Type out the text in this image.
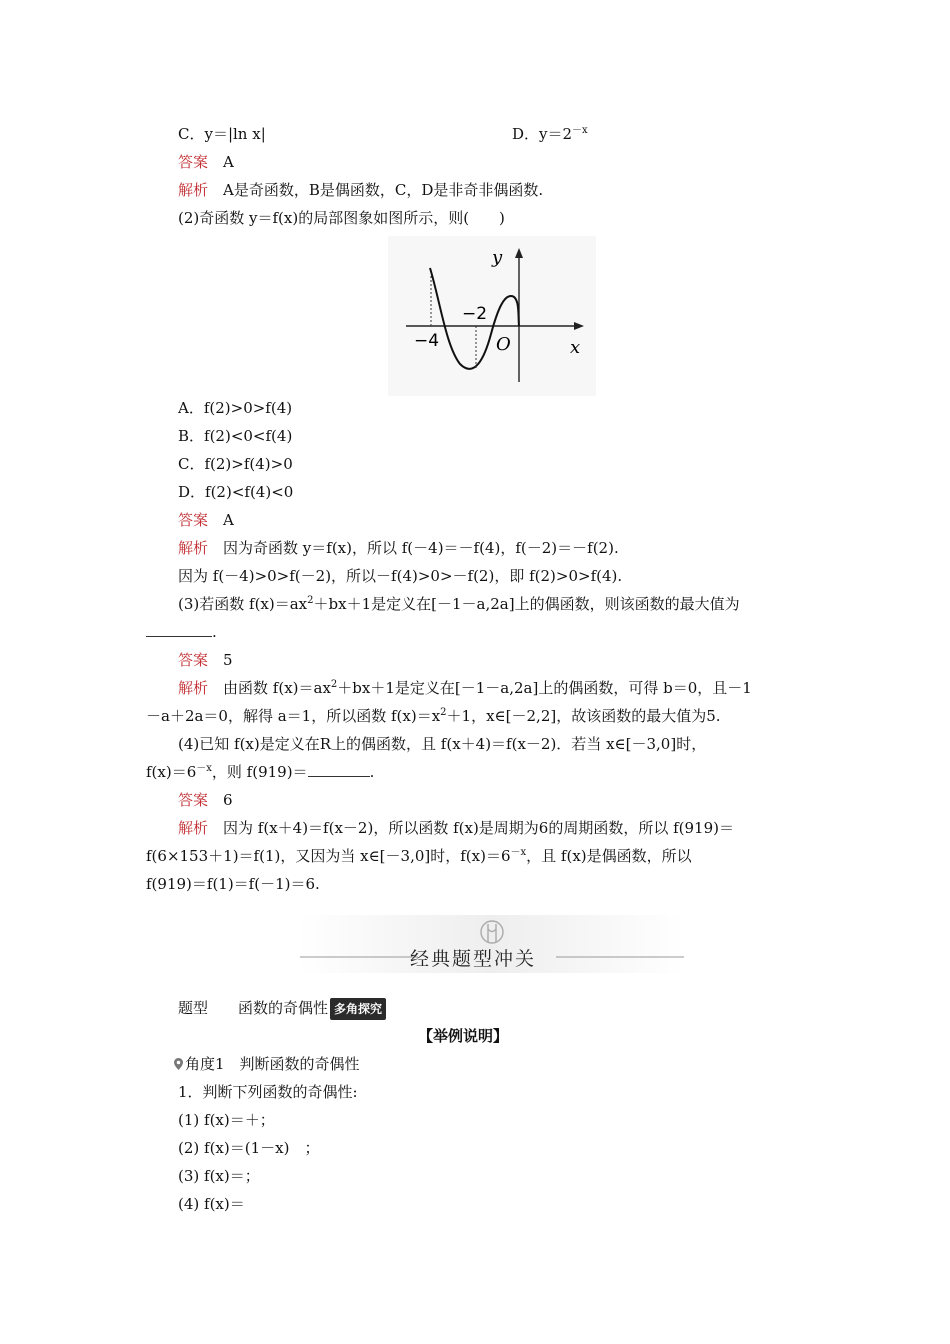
C．y＝|ln x|	D．$y=2^{-x}$
答案　 A
解析　 A是奇函数，B是偶函数，C，D是非奇非偶函数.
(2)奇函数 y＝f(x)的局部图象如图所示，则(　　)
y
x
O
−4
−2
A．f(2)>0>f(4)
B．f(2)<0<f(4)
C．f(2)>f(4)>0
D．f(2)<f(4)<0
答案　 A
解析　 因为奇函数 y＝f(x)，所以 f(－4)＝－f(4)，f(－2)＝－f(2).
因为 f(－4)>0>f(－2)，所以－f(4)>0>－f(2)，即 f(2)>0>f(4).
(3)若函数 $f(x)=ax^2+bx+1$是定义在[－1－a,2a]上的偶函数，则该函数的最大值为
.
答案　 5
解析　 由函数 $f(x)=ax^2+bx+1$是定义在[－1－a,2a]上的偶函数，可得 b＝0，且－1
－a＋2a＝0，解得 a＝1，所以函数 $f(x)=x^2+1$，x∈[－2,2]，故该函数的最大值为5.
(4)已知 f(x)是定义在R上的偶函数，且 f(x＋4)＝f(x－2)．若当 x∈[－3,0]时，
$f(x)=6^{-x}$，则 f(919)＝	.
答案　 6
解析　 因为 f(x＋4)＝f(x－2)，所以函数 f(x)是周期为6的周期函数，所以 f(919)＝
f(6×153＋1)＝f(1)，又因为当 x∈[－3,0]时，$f(x)=6^{-x}$，且 f(x)是偶函数，所以
f(919)＝f(1)＝f(－1)＝6.
经典题型冲关
题型　　 函数的奇偶性 多角探究
【举例说明】
角度1　判断函数的奇偶性
1．判断下列函数的奇偶性:
(1) f(x)＝＋；
(2) f(x)＝(1－x)　；
(3) f(x)＝；
(4) f(x)＝
